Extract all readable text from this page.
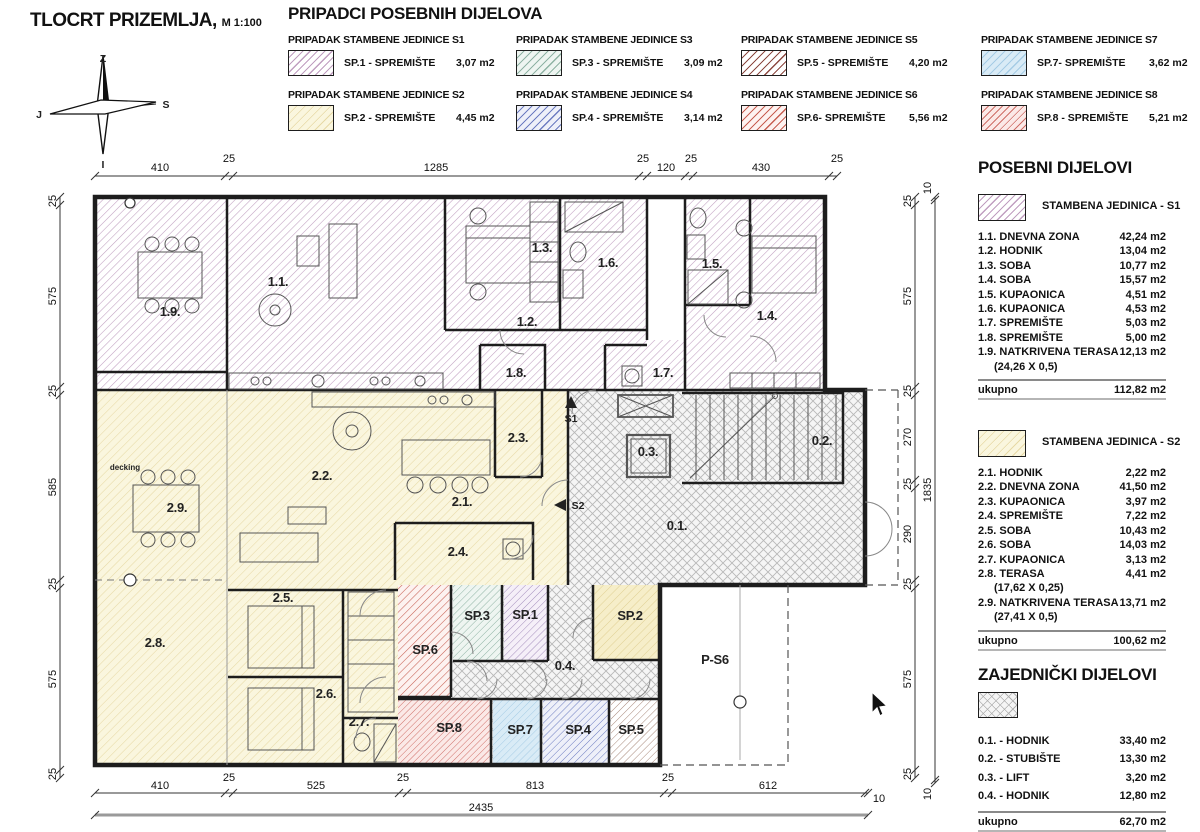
TLOCRT PRIZEMLJA, M 1:100
Z
S
I
J
PRIPADCI POSEBNIH DIJELOVA
PRIPADAK STAMBENE JEDINICE S1
SP.1 - SPREMIŠTE	3,07 m2
PRIPADAK STAMBENE JEDINICE S2
SP.2 - SPREMIŠTE	4,45 m2
PRIPADAK STAMBENE JEDINICE S3
SP.3 - SPREMIŠTE	3,09 m2
PRIPADAK STAMBENE JEDINICE S4
SP.4 - SPREMIŠTE	3,14 m2
PRIPADAK STAMBENE JEDINICE S5
SP.5 - SPREMIŠTE	4,20 m2
PRIPADAK STAMBENE JEDINICE S6
SP.6- SPREMIŠTE	5,56 m2
PRIPADAK STAMBENE JEDINICE S7
SP.7- SPREMIŠTE	3,62 m2
PRIPADAK STAMBENE JEDINICE S8
SP.8 - SPREMIŠTE	5,21 m2
POSEBNI DIJELOVI
STAMBENA JEDINICA - S1
1.1. DNEVNA ZONA	42,24 m2
1.2. HODNIK	13,04 m2
1.3. SOBA	10,77 m2
1.4. SOBA	15,57 m2
1.5. KUPAONICA	4,51 m2
1.6. KUPAONICA	4,53 m2
1.7. SPREMIŠTE	5,03 m2
1.8. SPREMIŠTE	5,00 m2
1.9. NATKRIVENA TERASA 12,13 m2
(24,26 X 0,5)
ukupno	112,82 m2
STAMBENA JEDINICA - S2
2.1. HODNIK	2,22 m2
2.2. DNEVNA ZONA	41,50 m2
2.3. KUPAONICA	3,97 m2
2.4. SPREMIŠTE	7,22 m2
2.5. SOBA	10,43 m2
2.6. SOBA	14,03 m2
2.7. KUPAONICA	3,13 m2
2.8. TERASA	4,41 m2
(17,62 X 0,25)
2.9. NATKRIVENA TERASA 13,71 m2
(27,41 X 0,5)
ukupno	100,62 m2
ZAJEDNIČKI DIJELOVI
0.1. - HODNIK	33,40 m2
0.2. - STUBIŠTE	13,30 m2
0.3. - LIFT	3,20 m2
0.4. - HODNIK	12,80 m2
ukupno	62,70 m2
1.9.
1.1.
1.3.
1.6.	1.5.
1.4.
1.2.
1.8.	1.7.
2.9.
decking
2.2.
2.3.
2.1.
2.4.
2.5.
2.8.
2.6.
2.7.
0.3.
0.2.
0.1.
0.4.
SP.6
SP.3 SP.1	SP.2
SP.8	SP.7	SP.4 SP.5
P-S6
S1
S2
410
25
1285
25
120
25
430
25
410
25
525
25
813
25
612
10
2435
25
575
25
585
25
575
25
25
575
25
270
25
290
25
575
25
10
1835
10
